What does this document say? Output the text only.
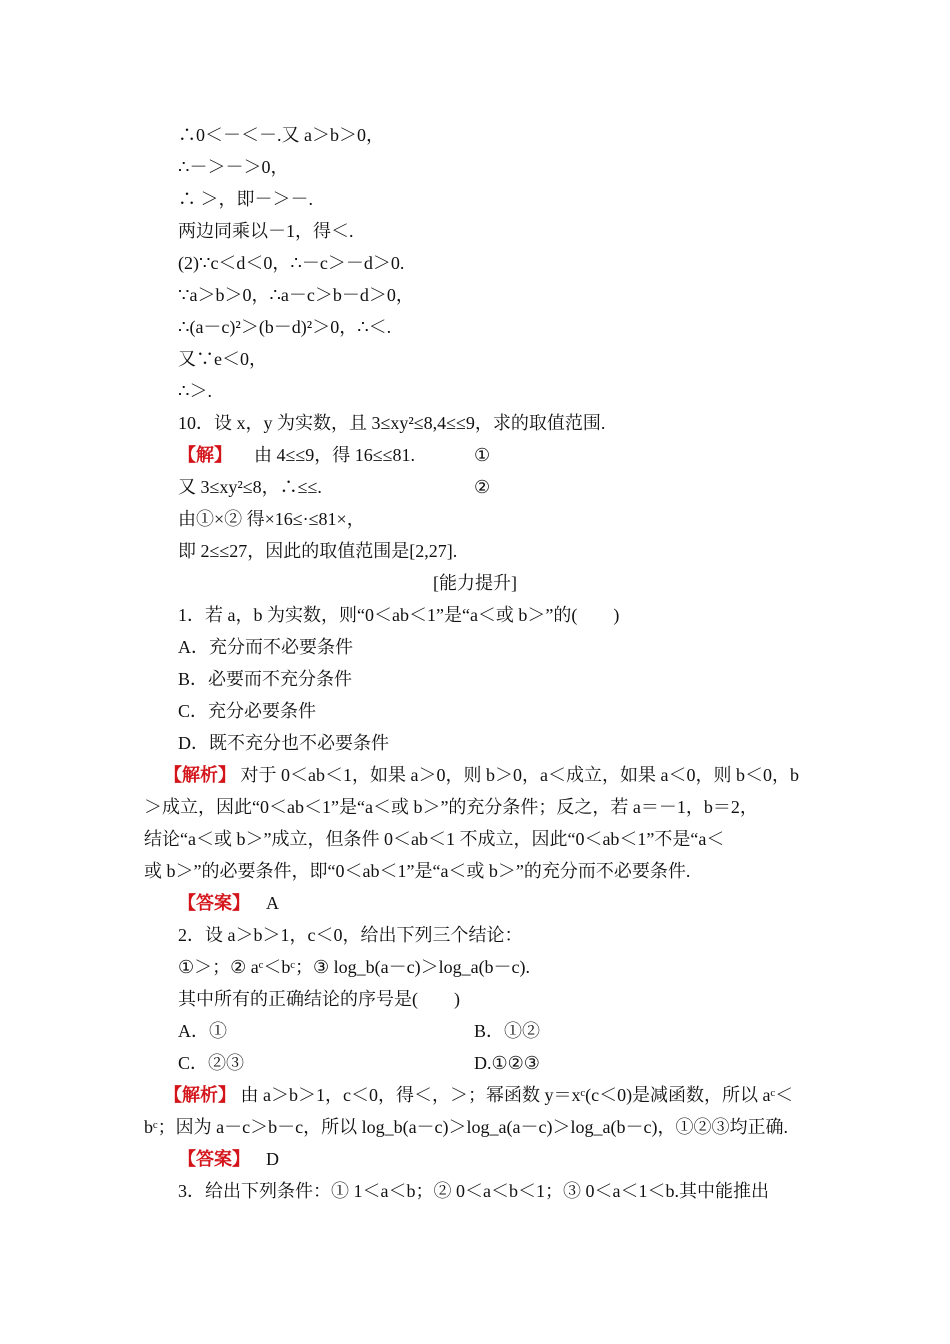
∴0＜－＜－.又 a＞b＞0，
∴－＞－＞0，
∴ ＞，即－＞－.
两边同乘以－1，得＜.
(2)∵c＜d＜0，∴－c＞－d＞0.
∵a＞b＞0，∴a－c＞b－d＞0，
∴(a－c)²＞(b－d)²＞0，∴＜.
又∵e＜0，
∴＞.
10．设 x，y 为实数，且 3≤xy²≤8,4≤≤9，求的取值范围.
【解】 由 4≤≤9，得 16≤≤81.	①
又 3≤xy²≤8，∴≤≤.	②
由①×② 得×16≤·≤81×，
即 2≤≤27，因此的取值范围是[2,27].
[能力提升]
1．若 a，b 为实数，则“0＜ab＜1”是“a＜或 b＞”的(　　)
A．充分而不必要条件
B．必要而不充分条件
C．充分必要条件
D．既不充分也不必要条件
【解析】 对于 0＜ab＜1，如果 a＞0，则 b＞0，a＜成立，如果 a＜0，则 b＜0，b
＞成立，因此“0＜ab＜1”是“a＜或 b＞”的充分条件；反之，若 a＝－1，b＝2，
结论“a＜或 b＞”成立，但条件 0＜ab＜1 不成立，因此“0＜ab＜1”不是“a＜
或 b＞”的必要条件，即“0＜ab＜1”是“a＜或 b＞”的充分而不必要条件.
【答案】 A
2．设 a＞b＞1，c＜0，给出下列三个结论：
①＞；② aᶜ＜bᶜ；③ log_b(a－c)＞log_a(b－c).
其中所有的正确结论的序号是(　　)
A．①	B．①②
C．②③	D.①②③
【解析】 由 a＞b＞1，c＜0，得＜，＞；幂函数 y＝xᶜ(c＜0)是减函数，所以 aᶜ＜
bᶜ；因为 a－c＞b－c，所以 log_b(a－c)＞log_a(a－c)＞log_a(b－c)，①②③均正确.
【答案】 D
3．给出下列条件：① 1＜a＜b；② 0＜a＜b＜1；③ 0＜a＜1＜b.其中能推出
